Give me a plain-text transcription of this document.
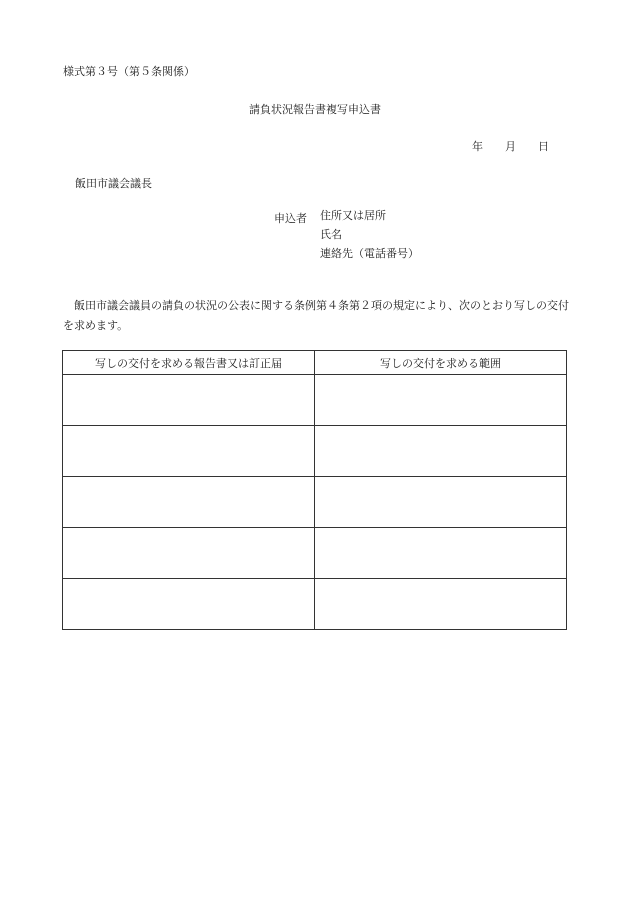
様式第３号（第５条関係）
請負状況報告書複写申込書
年 月 日
飯田市議会議長
申込者 住所又は居所
氏名
連絡先（電話番号）
飯田市議会議員の請負の状況の公表に関する条例第４条第２項の規定により、次のとおり写しの交付を求めます。
写しの交付を求める報告書又は訂正届	写しの交付を求める範囲
